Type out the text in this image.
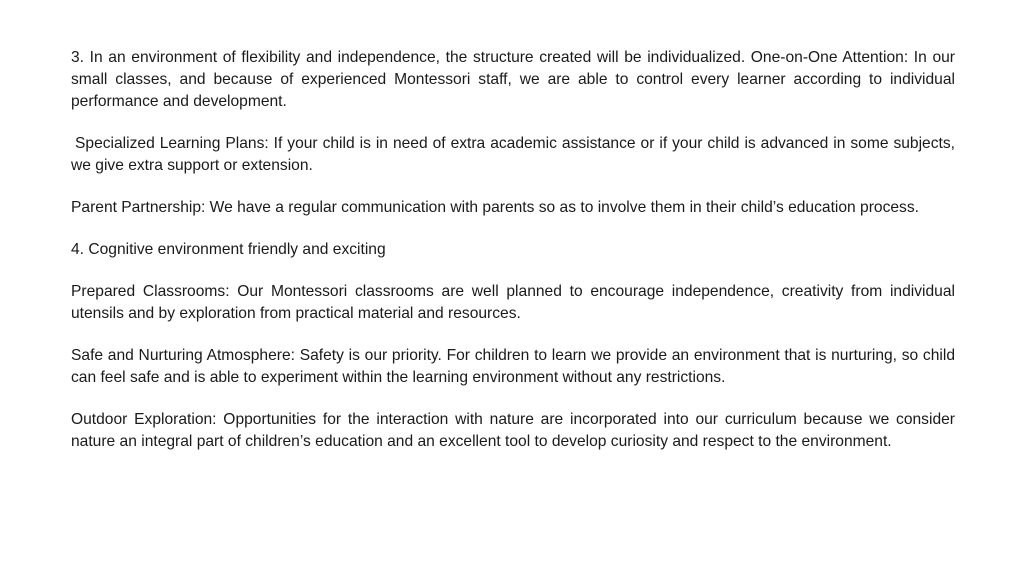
3. In an environment of flexibility and independence, the structure created will be individualized. One-on-One Attention: In our small classes, and because of experienced Montessori staff, we are able to control every learner according to individual performance and development.

Specialized Learning Plans: If your child is in need of extra academic assistance or if your child is advanced in some subjects, we give extra support or extension.

Parent Partnership: We have a regular communication with parents so as to involve them in their child’s education process.

4. Cognitive environment friendly and exciting

Prepared Classrooms: Our Montessori classrooms are well planned to encourage independence, creativity from individual utensils and by exploration from practical material and resources.

Safe and Nurturing Atmosphere: Safety is our priority. For children to learn we provide an environment that is nurturing, so child can feel safe and is able to experiment within the learning environment without any restrictions.

Outdoor Exploration: Opportunities for the interaction with nature are incorporated into our curriculum because we consider nature an integral part of children’s education and an excellent tool to develop curiosity and respect to the environment.
